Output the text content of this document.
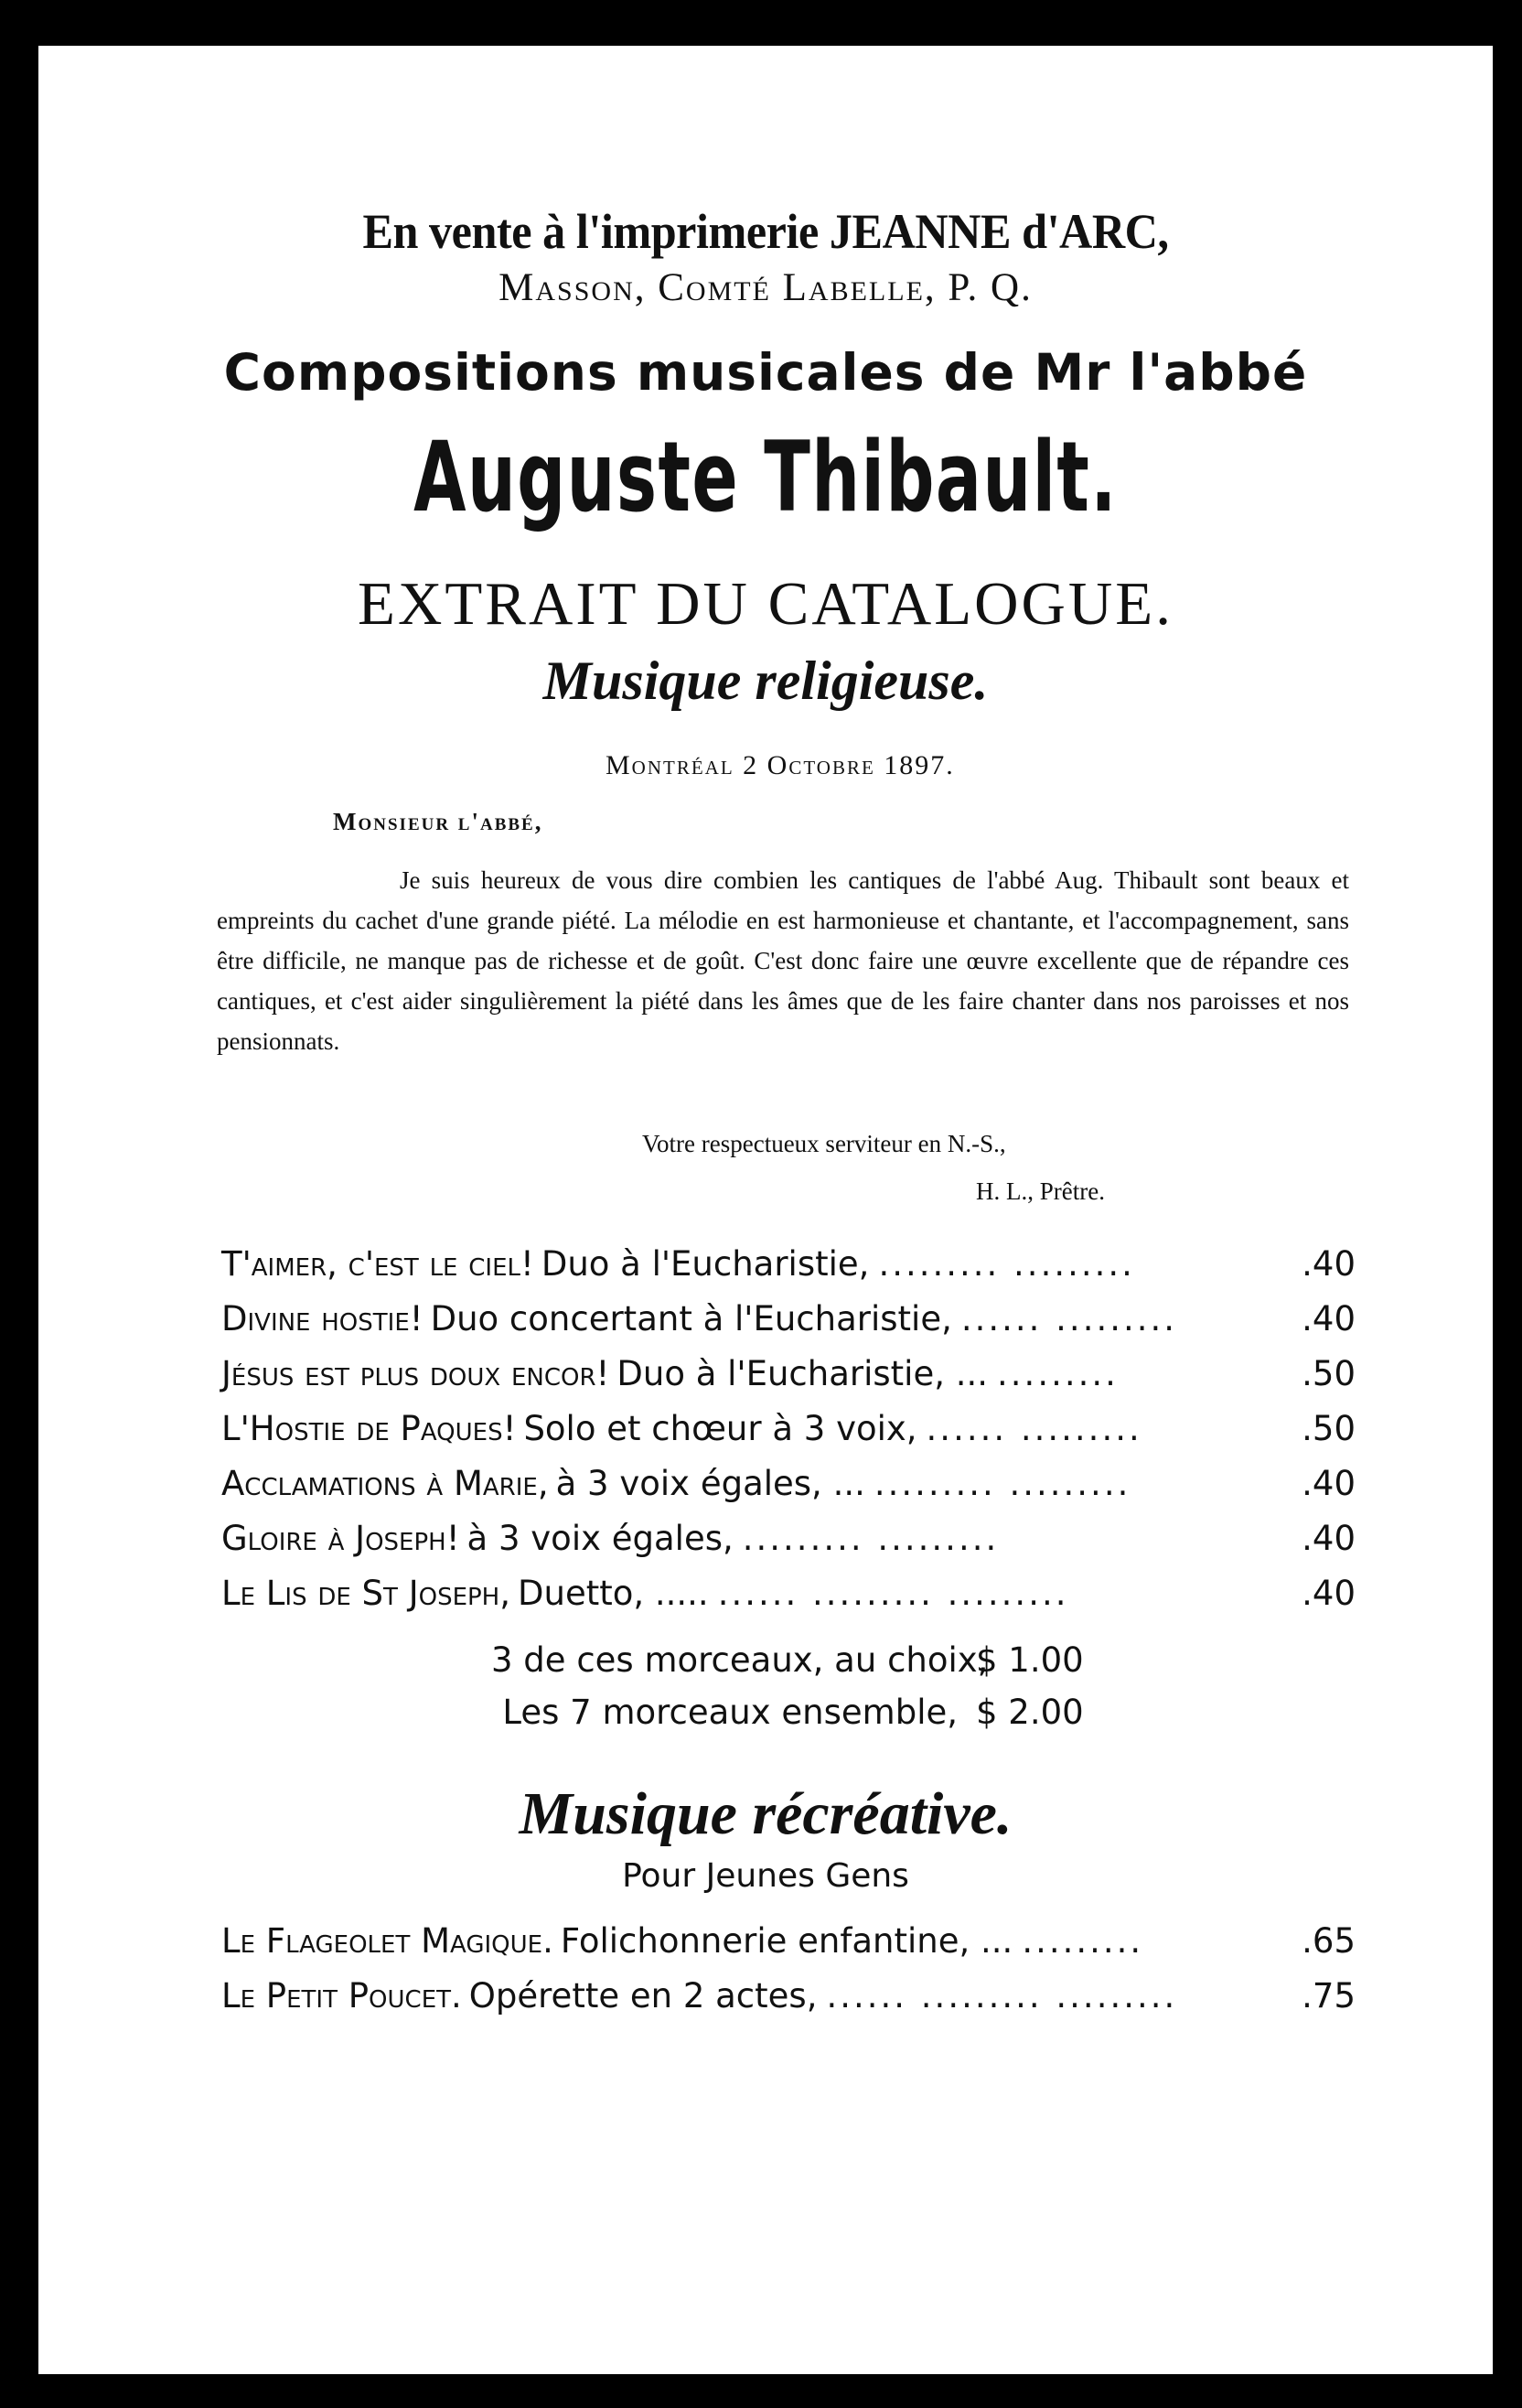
En vente à l'imprimerie JEANNE d'ARC,
Masson, Comté Labelle, P. Q.
Compositions musicales de Mr l'abbé
Auguste Thibault.
EXTRAIT DU CATALOGUE.
Musique religieuse.
Montréal 2 Octobre 1897.
Monsieur l'abbé,

Je suis heureux de vous dire combien les cantiques de l'abbé Aug. Thibault sont beaux et empreints du cachet d'une grande piété. La mélodie en est harmonieuse et chantante, et l'accompagnement, sans être difficile, ne manque pas de richesse et de goût. C'est donc faire une œuvre excellente que de répandre ces cantiques, et c'est aider singulièrement la piété dans les âmes que de les faire chanter dans nos paroisses et nos pensionnats.

Votre respectueux serviteur en N.-S.,
H. L., Prêtre.
T'aimer, c'est le ciel! Duo à l'Eucharistie, ......... .........	.40
Divine hostie! Duo concertant à l'Eucharistie, ...... .........	.40
Jésus est plus doux encor! Duo à l'Eucharistie, ... .........	.50
L'Hostie de Paques! Solo et chœur à 3 voix, ...... .........	.50
Acclamations à Marie, à 3 voix égales, ... ......... .........	.40
Gloire à Joseph! à 3 voix égales, ......... .........	.40
Le Lis de St Joseph, Duetto, ..... ...... ......... .........	.40
3 de ces morceaux, au choix,$ 1.00
Les 7 morceaux ensemble, $ 2.00
Musique récréative.
Pour Jeunes Gens
Le Flageolet Magique. Folichonnerie enfantine, ... .........	.65
Le Petit Poucet. Opérette en 2 actes, ...... ......... .........	.75
